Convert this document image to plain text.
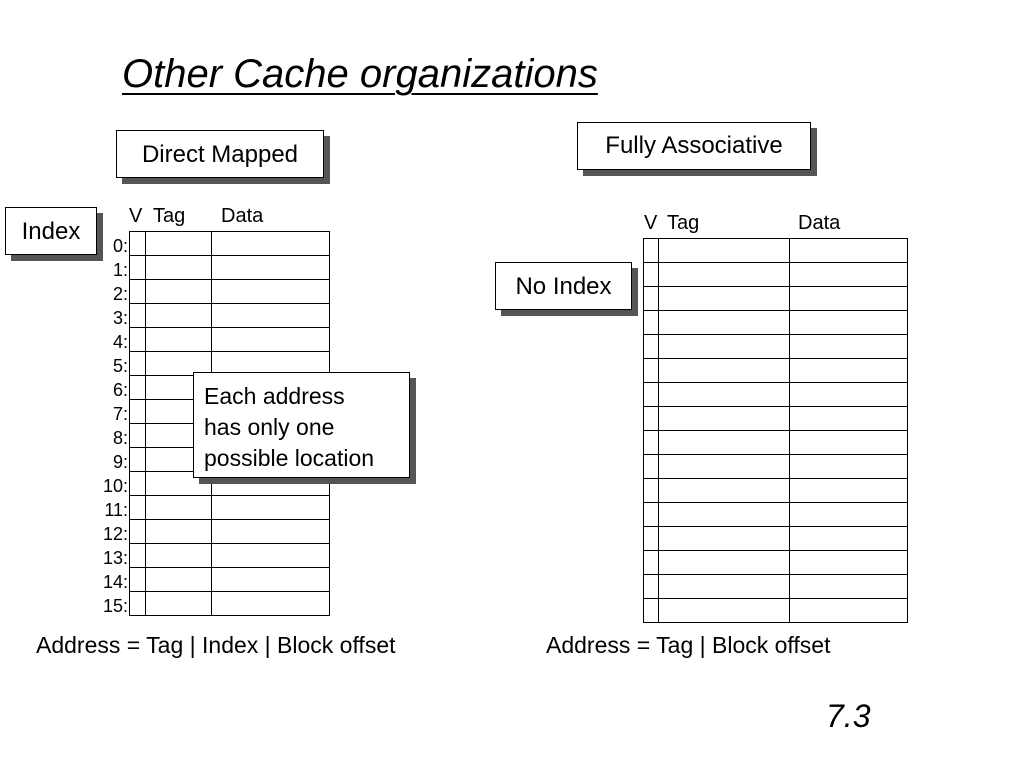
Other Cache organizations
Direct Mapped
Index
V Tag Data
0:
1:
2:
3:
4:
5:
6:
7:
8:
9:
10:
11:
12:
13:
14:
15:

Each address
has only one
possible location
Address = Tag | Index | Block offset
Fully Associative
No Index
V Tag	Data

Address = Tag | Block offset
7.3
